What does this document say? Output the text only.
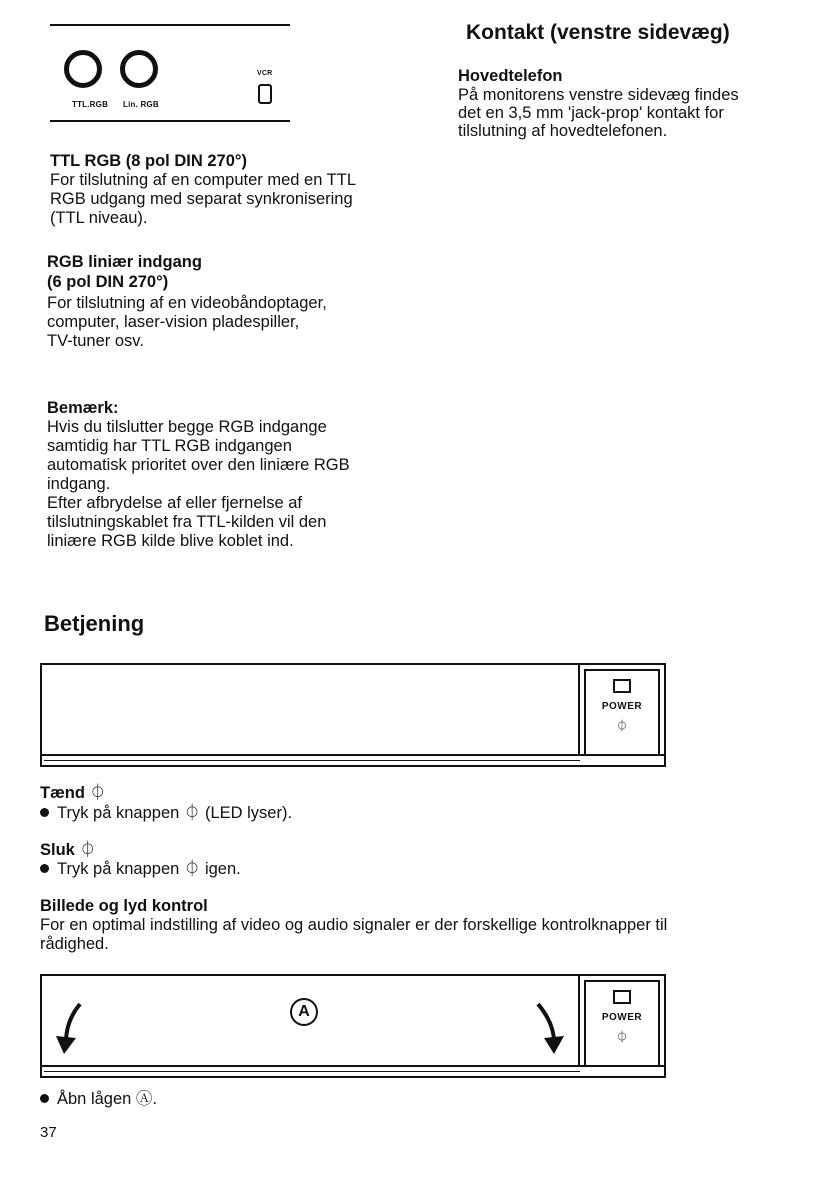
TTL.RGB Lin. RGB
VCR
TTL RGB (8 pol DIN 270°)
For tilslutning af en computer med en TTL
RGB udgang med separat synkronisering
(TTL niveau).
RGB liniær indgang
(6 pol DIN 270°)
For tilslutning af en videobåndoptager,
computer, laser-vision pladespiller,
TV-tuner osv.
Bemærk:
Hvis du tilslutter begge RGB indgange
samtidig har TTL RGB indgangen
automatisk prioritet over den liniære RGB
indgang.
Efter afbrydelse af eller fjernelse af
tilslutningskablet fra TTL-kilden vil den
liniære RGB kilde blive koblet ind.
Kontakt (venstre sidevæg)
Hovedtelefon
På monitorens venstre sidevæg findes
det en 3,5 mm 'jack-prop' kontakt for
tilslutning af hovedtelefonen.
Betjening
POWER
⏀
Tænd ⏀
Tryk på knappen ⏀ (LED lyser).
Sluk ⏀
Tryk på knappen ⏀ igen.
Billede og lyd kontrol
For en optimal indstilling af video og audio signaler er der forskellige kontrolknapper til
rådighed.
POWER
⏀
A
Åbn lågen Ⓐ.
37
